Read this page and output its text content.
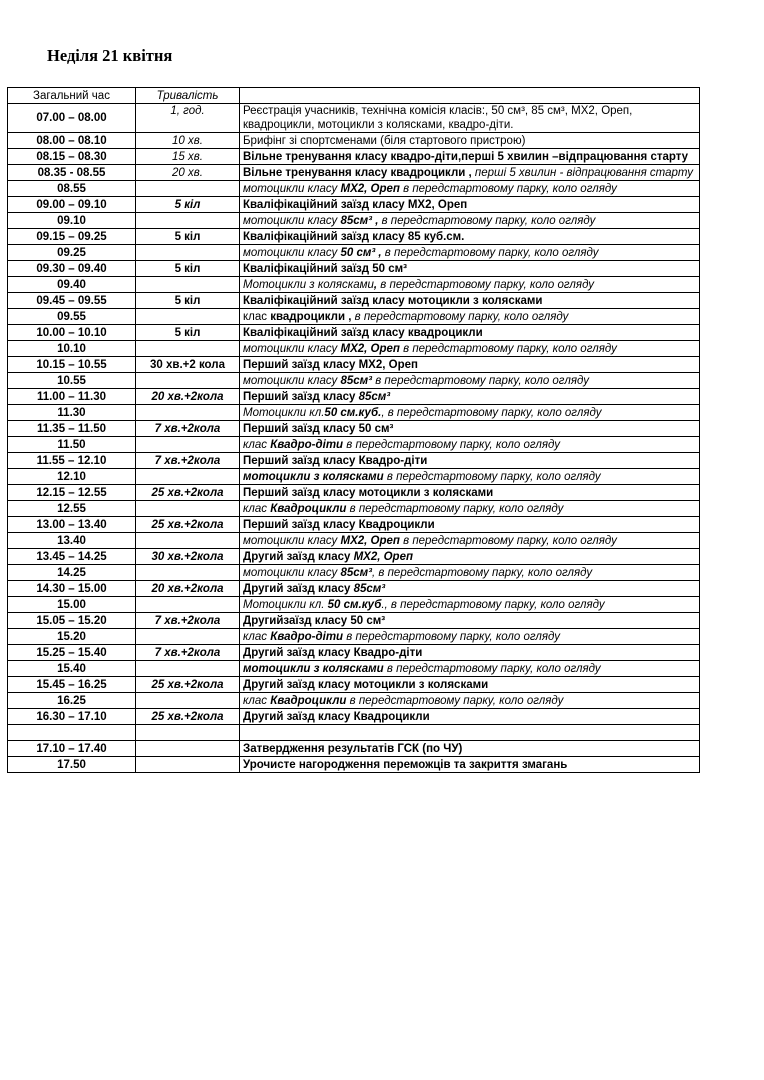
Неділя 21 квітня
Загальний час	Тривалість	
07.00 – 08.00	1, год.	Реєстрація учасників, технічна комісія класів:, 50 см³, 85 см³, МХ2, Ореп, квадроцикли, мотоцикли з колясками, квадро-діти.
08.00 – 08.10	10 хв.	Брифінг зі спортсменами (біля стартового пристрою)
08.15 – 08.30	15 хв.	Вільне тренування класу квадро-діти,перші 5 хвилин –відпрацювання старту
08.35 - 08.55	20 хв.	Вільне тренування класу квадроцикли , перші 5 хвилин - відпрацювання старту
08.55		мотоцикли класу МХ2, Ореп в передстартовому парку, коло огляду
09.00 – 09.10	5 кіл	Кваліфікаційний заїзд класу МХ2, Ореп
09.10		мотоцикли класу 85см³ , в передстартовому парку, коло огляду
09.15 – 09.25	5 кіл	Кваліфікаційний заїзд класу 85 куб.см.
09.25		мотоцикли класу 50 см³ , в передстартовому парку, коло огляду
09.30 – 09.40	5 кіл	Кваліфікаційний заїзд 50 см³
09.40		Мотоцикли з колясками, в передстартовому парку, коло огляду
09.45 – 09.55	5 кіл	Кваліфікаційний заїзд класу мотоцикли з колясками
09.55		клас квадроцикли , в передстартовому парку, коло огляду
10.00 – 10.10	5 кіл	Кваліфікаційний заїзд класу квадроцикли
10.10		мотоцикли класу МХ2, Ореп в передстартовому парку, коло огляду
10.15 – 10.55	30 хв.+2 кола	Перший заїзд класу МХ2, Ореп
10.55		мотоцикли класу 85см³ в передстартовому парку, коло огляду
11.00 – 11.30	20 хв.+2кола	Перший заїзд класу 85см³
11.30		Мотоцикли кл.50 см.куб., в передстартовому парку, коло огляду
11.35 – 11.50	7 хв.+2кола	Перший заїзд класу 50 см³
11.50		клас Квадро-діти в передстартовому парку, коло огляду
11.55 – 12.10	7 хв.+2кола	Перший заїзд класу Квадро-діти
12.10		мотоцикли з колясками в передстартовому парку, коло огляду
12.15 – 12.55	25 хв.+2кола	Перший заїзд класу мотоцикли з колясками
12.55		клас Квадроцикли в передстартовому парку, коло огляду
13.00 – 13.40	25 хв.+2кола	Перший заїзд класу Квадроцикли
13.40		мотоцикли класу МХ2, Ореп в передстартовому парку, коло огляду
13.45 – 14.25	30 хв.+2кола	Другий заїзд класу МХ2, Ореп
14.25		мотоцикли класу 85см³, в передстартовому парку, коло огляду
14.30 – 15.00	20 хв.+2кола	Другий заїзд класу 85см³
15.00		Мотоцикли кл. 50 см.куб., в передстартовому парку, коло огляду
15.05 – 15.20	7 хв.+2кола	Другийзаїзд класу 50 см³
15.20		клас Квадро-діти в передстартовому парку, коло огляду
15.25 – 15.40	7 хв.+2кола	Другий заїзд класу Квадро-діти
15.40		мотоцикли з колясками в передстартовому парку, коло огляду
15.45 – 16.25	25 хв.+2кола	Другий заїзд класу мотоцикли з колясками
16.25		клас Квадроцикли в передстартовому парку, коло огляду
16.30 – 17.10	25 хв.+2кола	Другий заїзд класу Квадроцикли

17.10 – 17.40		Затвердження результатів ГСК (по ЧУ)
17.50		Урочисте нагородження переможців та закриття змагань
